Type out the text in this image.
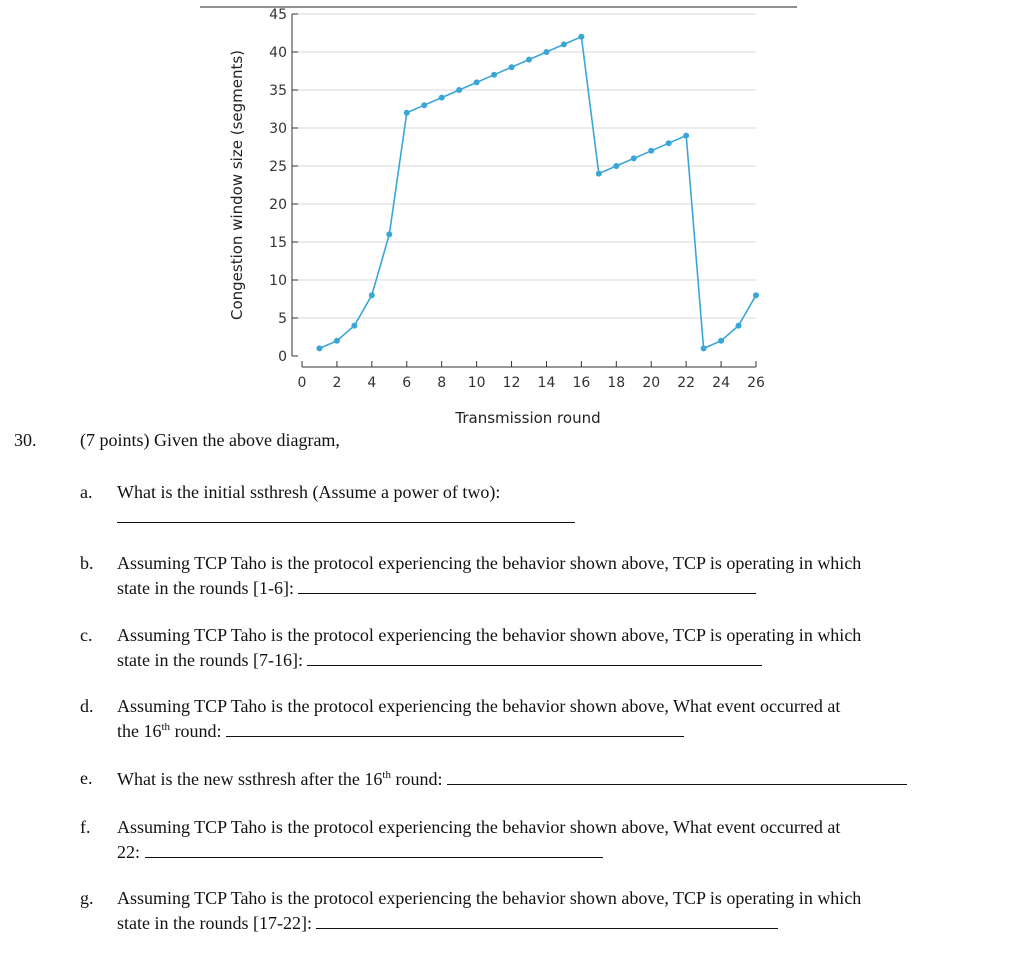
0
5
10
15
20
25
30
35
40
45
0 2 4 6 8 10 12 14 16 18 20 22 24 26
Congestion window size (segments)
Transmission round
30. (7 points) Given the above diagram,
a.	What is the initial ssthresh (Assume a power of two):

b.	Assuming TCP Taho is the protocol experiencing the behavior shown above, TCP is operating in which
state in the rounds [1-6]:
c.	Assuming TCP Taho is the protocol experiencing the behavior shown above, TCP is operating in which
state in the rounds [7-16]:
d.	Assuming TCP Taho is the protocol experiencing the behavior shown above, What event occurred at
the 16th round:
e.	What is the new ssthresh after the 16th round:
f.	Assuming TCP Taho is the protocol experiencing the behavior shown above, What event occurred at
22:
g.	Assuming TCP Taho is the protocol experiencing the behavior shown above, TCP is operating in which
state in the rounds [17-22]:
